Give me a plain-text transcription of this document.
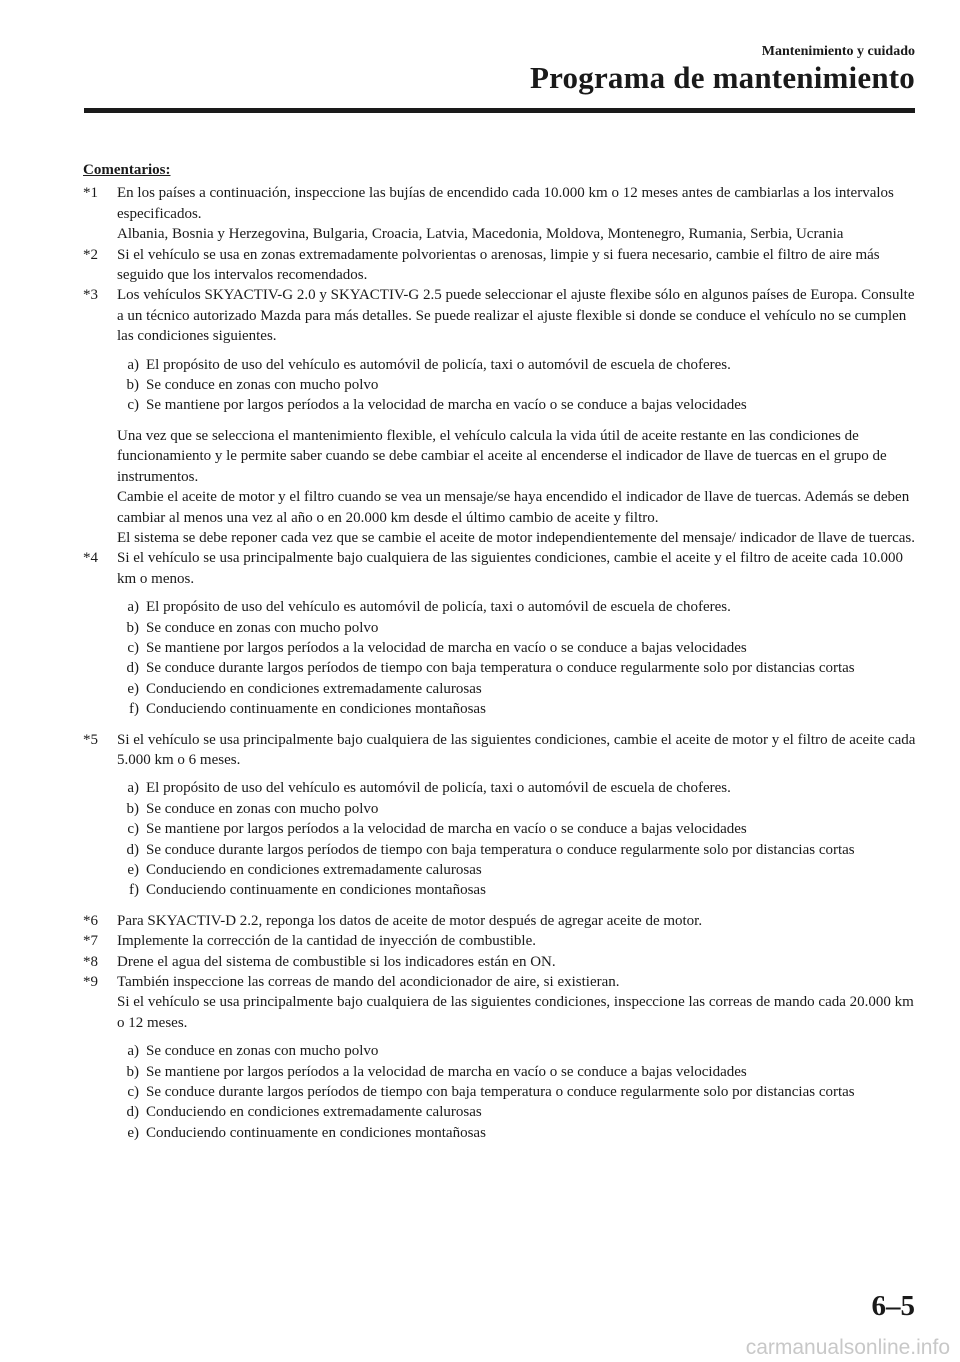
Mantenimiento y cuidado
Programa de mantenimiento
Comentarios:
*1	En los países a continuación, inspeccione las bujías de encendido cada 10.000 km o 12 meses antes de cambiarlas a los intervalos especificados.

Albania, Bosnia y Herzegovina, Bulgaria, Croacia, Latvia, Macedonia, Moldova, Montenegro, Rumania, Serbia, Ucrania

*2	Si el vehículo se usa en zonas extremadamente polvorientas o arenosas, limpie y si fuera necesario, cambie el filtro de aire más seguido que los intervalos recomendados.

*3	Los vehículos SKYACTIV-G 2.0 y SKYACTIV-G 2.5 puede seleccionar el ajuste flexibe sólo en algunos países de Europa. Consulte a un técnico autorizado Mazda para más detalles. Se puede realizar el ajuste flexible si donde se conduce el vehículo no se cumplen las condiciones siguientes.

a) El propósito de uso del vehículo es automóvil de policía, taxi o automóvil de escuela de choferes.
b) Se conduce en zonas con mucho polvo
c) Se mantiene por largos períodos a la velocidad de marcha en vacío o se conduce a bajas velocidades

Una vez que se selecciona el mantenimiento flexible, el vehículo calcula la vida útil de aceite restante en las condiciones de funcionamiento y le permite saber cuando se debe cambiar el aceite al encenderse el indicador de llave de tuercas en el grupo de instrumentos.

Cambie el aceite de motor y el filtro cuando se vea un mensaje/se haya encendido el indicador de llave de tuercas. Además se deben cambiar al menos una vez al año o en 20.000 km desde el último cambio de aceite y filtro.

El sistema se debe reponer cada vez que se cambie el aceite de motor independientemente del mensaje/ indicador de llave de tuercas.

*4	Si el vehículo se usa principalmente bajo cualquiera de las siguientes condiciones, cambie el aceite y el filtro de aceite cada 10.000 km o menos.

a) El propósito de uso del vehículo es automóvil de policía, taxi o automóvil de escuela de choferes.
b) Se conduce en zonas con mucho polvo
c) Se mantiene por largos períodos a la velocidad de marcha en vacío o se conduce a bajas velocidades
d) Se conduce durante largos períodos de tiempo con baja temperatura o conduce regularmente solo por distancias cortas
e) Conduciendo en condiciones extremadamente calurosas
f) Conduciendo continuamente en condiciones montañosas
*5	Si el vehículo se usa principalmente bajo cualquiera de las siguientes condiciones, cambie el aceite de motor y el filtro de aceite cada 5.000 km o 6 meses.

a) El propósito de uso del vehículo es automóvil de policía, taxi o automóvil de escuela de choferes.
b) Se conduce en zonas con mucho polvo
c) Se mantiene por largos períodos a la velocidad de marcha en vacío o se conduce a bajas velocidades
d) Se conduce durante largos períodos de tiempo con baja temperatura o conduce regularmente solo por distancias cortas
e) Conduciendo en condiciones extremadamente calurosas
f) Conduciendo continuamente en condiciones montañosas
*6	Para SKYACTIV-D 2.2, reponga los datos de aceite de motor después de agregar aceite de motor.

*7	Implemente la corrección de la cantidad de inyección de combustible.

*8	Drene el agua del sistema de combustible si los indicadores están en ON.

*9	También inspeccione las correas de mando del acondicionador de aire, si existieran.

Si el vehículo se usa principalmente bajo cualquiera de las siguientes condiciones, inspeccione las correas de mando cada 20.000 km o 12 meses.

a) Se conduce en zonas con mucho polvo
b) Se mantiene por largos períodos a la velocidad de marcha en vacío o se conduce a bajas velocidades
c) Se conduce durante largos períodos de tiempo con baja temperatura o conduce regularmente solo por distancias cortas
d) Conduciendo en condiciones extremadamente calurosas
e) Conduciendo continuamente en condiciones montañosas
6–5
carmanualsonline.info
